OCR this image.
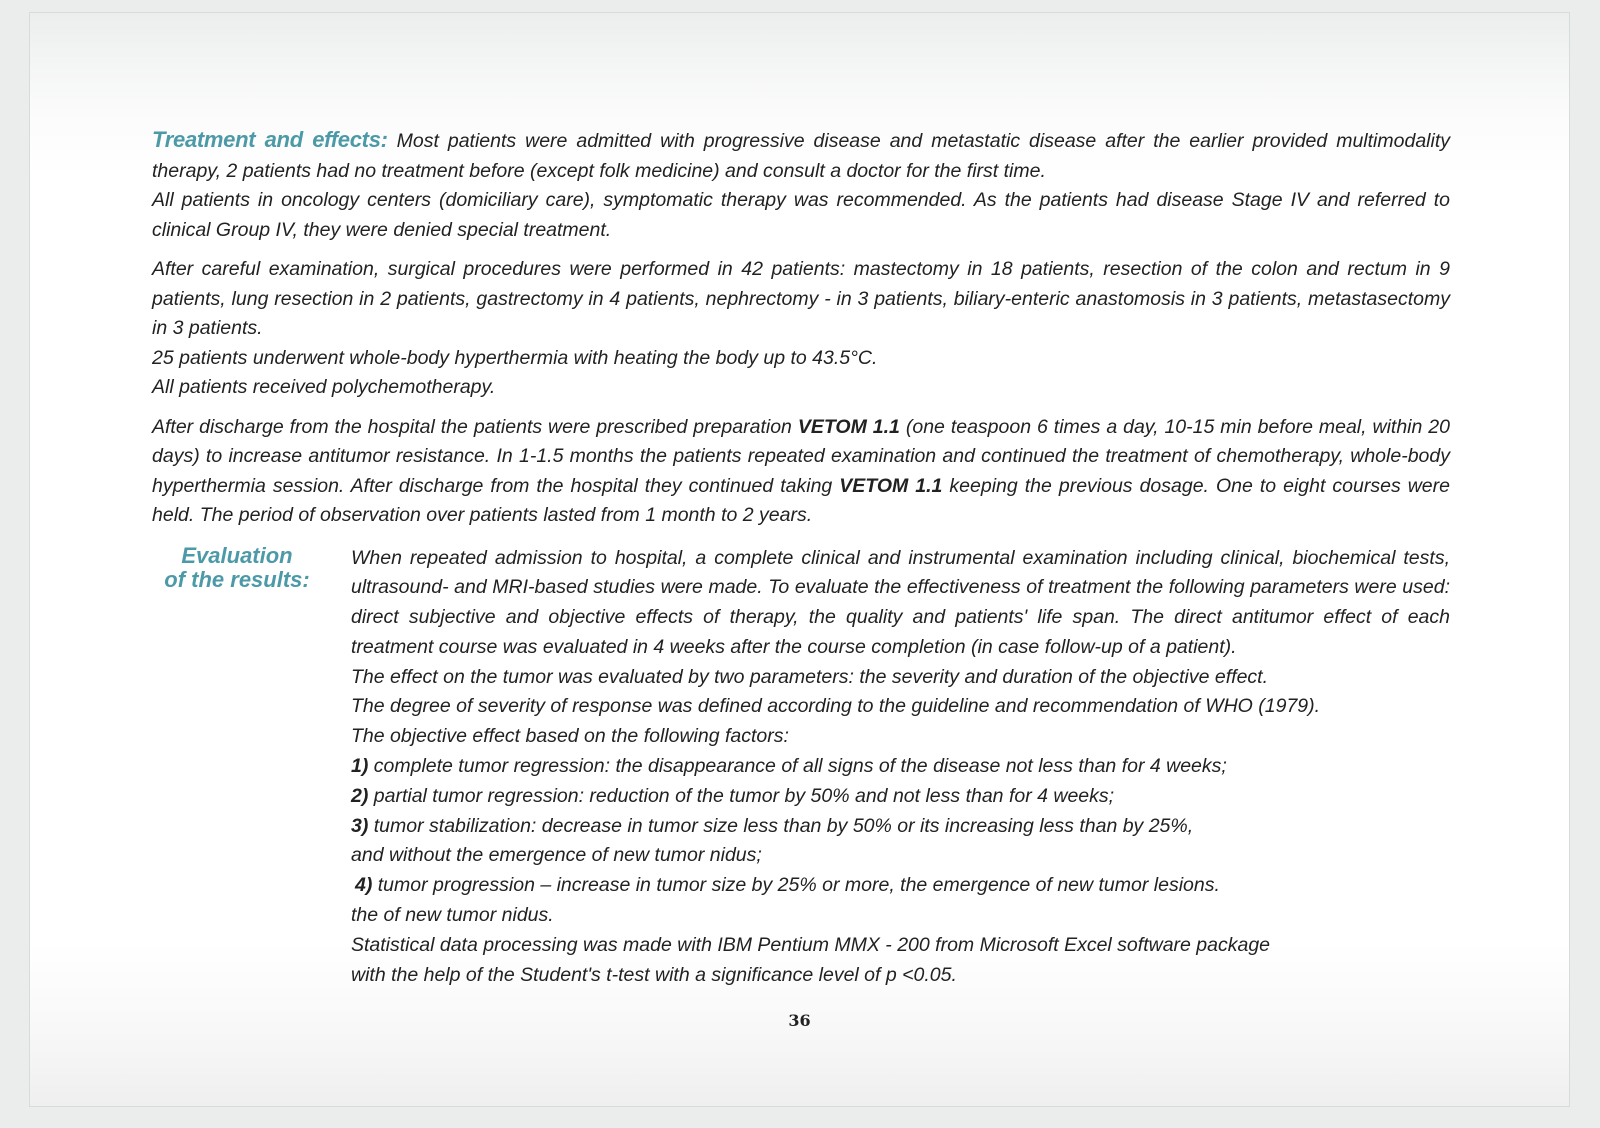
Treatment and effects: Most patients were admitted with progressive disease and metastatic disease after the earlier provided multimodality therapy, 2 patients had no treatment before (except folk medicine) and consult a doctor for the first time.

All patients in oncology centers (domiciliary care), symptomatic therapy was recommended. As the patients had disease Stage IV and referred to clinical Group IV, they were denied special treatment.

After careful examination, surgical procedures were performed in 42 patients: mastectomy in 18 patients, resection of the colon and rectum in 9 patients, lung resection in 2 patients, gastrectomy in 4 patients, nephrectomy - in 3 patients, biliary-enteric anastomosis in 3 patients, metastasectomy in 3 patients.

25 patients underwent whole-body hyperthermia with heating the body up to 43.5°C.

All patients received polychemotherapy.

After discharge from the hospital the patients were prescribed preparation VETOM 1.1 (one teaspoon 6 times a day, 10-15 min before meal, within 20 days) to increase antitumor resistance. In 1-1.5 months the patients repeated examination and continued the treatment of chemotherapy, whole-body hyperthermia session. After discharge from the hospital they continued taking VETOM 1.1 keeping the previous dosage. One to eight courses were held. The period of observation over patients lasted from 1 month to 2 years.

Evaluation
of the results:

When repeated admission to hospital, a complete clinical and instrumental examination including clinical, biochemical tests, ultrasound- and MRI-based studies were made. To evaluate the effectiveness of treatment the following parameters were used: direct subjective and objective effects of therapy, the quality and patients' life span. The direct antitumor effect of each treatment course was evaluated in 4 weeks after the course completion (in case follow-up of a patient).

The effect on the tumor was evaluated by two parameters: the severity and duration of the objective effect.

The degree of severity of response was defined according to the guideline and recommendation of WHO (1979).

The objective effect based on the following factors:

1) complete tumor regression: the disappearance of all signs of the disease not less than for 4 weeks;

2) partial tumor regression: reduction of the tumor by 50% and not less than for 4 weeks;

3) tumor stabilization: decrease in tumor size less than by 50% or its increasing less than by 25%,

and without the emergence of new tumor nidus;

4) tumor progression – increase in tumor size by 25% or more, the emergence of new tumor lesions.

the of new tumor nidus.

Statistical data processing was made with IBM Pentium MMX - 200 from Microsoft Excel software package

with the help of the Student's t-test with a significance level of p <0.05.

36
